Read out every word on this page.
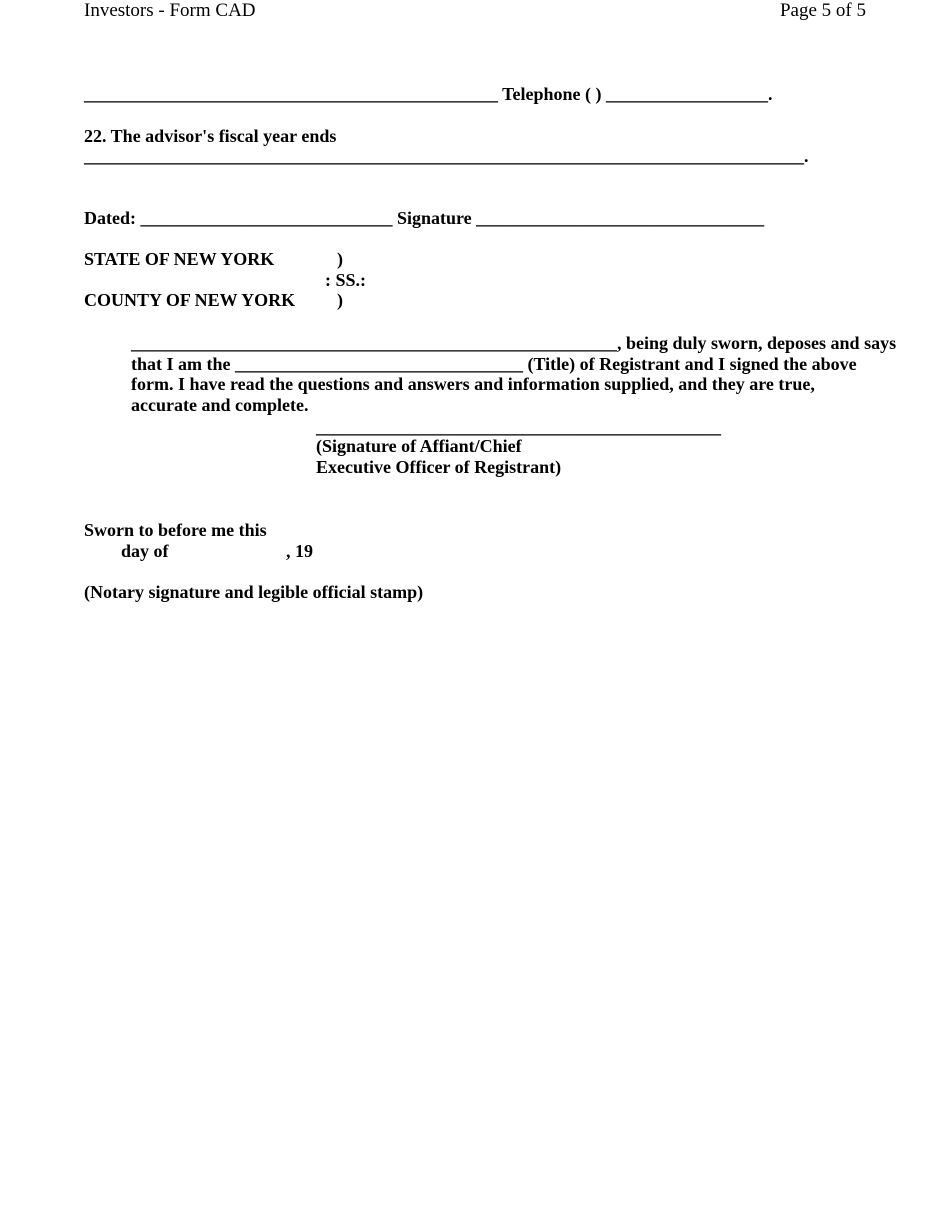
Investors - Form CAD	Page 5 of 5
______________________________________________ Telephone ( ) __________________.
22. The advisor's fiscal year ends
________________________________________________________________________________.
Dated: ____________________________ Signature ________________________________
STATE OF NEW YORK	)
: SS.:
COUNTY OF NEW YORK )
______________________________________________________, being duly sworn, deposes and says
that I am the ________________________________ (Title) of Registrant and I signed the above
form. I have read the questions and answers and information supplied, and they are true,
accurate and complete.
_____________________________________________
(Signature of Affiant/Chief
Executive Officer of Registrant)
Sworn to before me this
day of	, 19
(Notary signature and legible official stamp)
